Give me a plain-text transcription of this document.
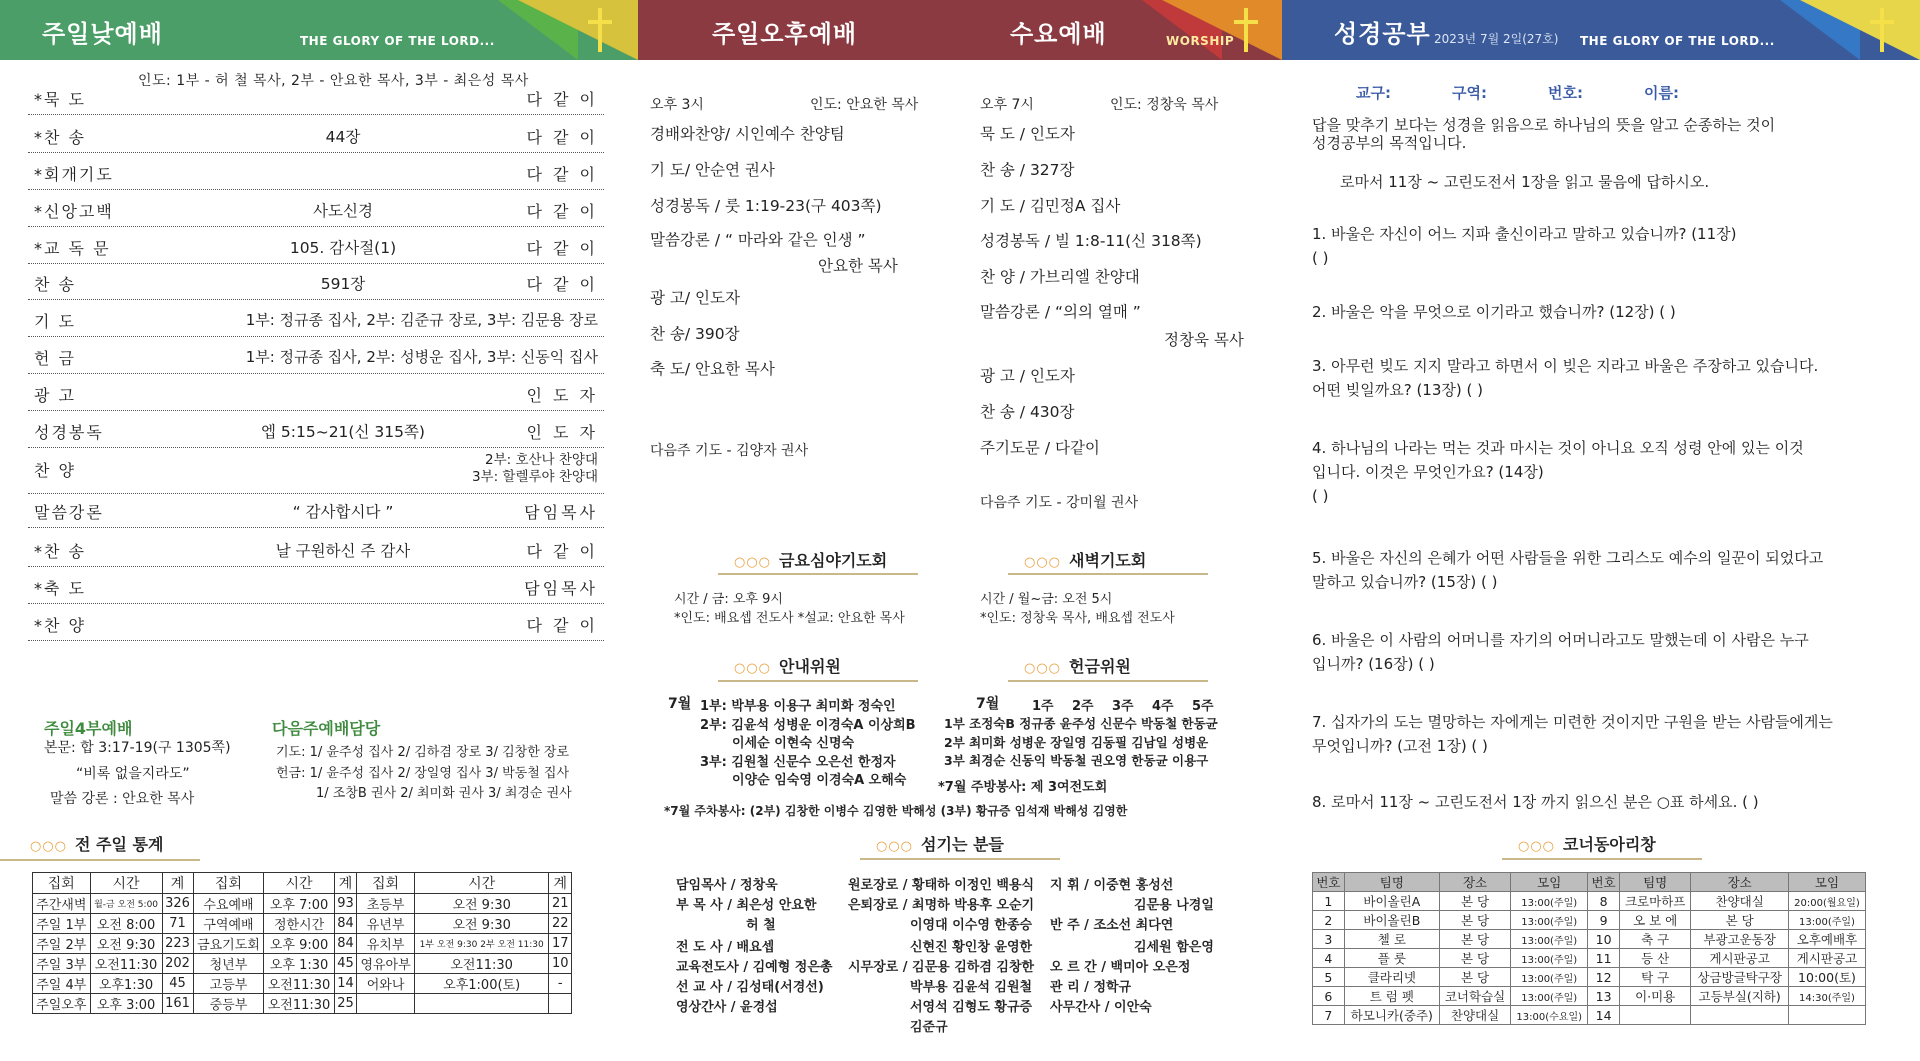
주일낮예배	THE GLORY OF THE LORD...
인도: 1부 - 허 철 목사, 2부 - 안요한 목사, 3부 - 최은성 목사
*묵 도	다 같 이
*찬 송	44장	다 같 이
*회개기도	다 같 이
*신앙고백	사도신경	다 같 이
*교 독 문	105. 감사절(1)	다 같 이
찬 송	591장	다 같 이
기 도	1부: 정규종 집사, 2부: 김준규 장로, 3부: 김문용 장로
헌 금	1부: 정규종 집사, 2부: 성병운 집사, 3부: 신동익 집사
광 고	인 도 자
성경봉독	엡 5:15~21(신 315쪽)	인 도 자
찬 양
2부: 호산나 찬양대
3부: 할렐루야 찬양대
말씀강론	“ 감사합시다 ”	담임목사
*찬 송	날 구원하신 주 감사	다 같 이
*축 도	담임목사
*찬 양	다 같 이
주일4부예배
본문: 합 3:17-19(구 1305쪽)
“비록 없을지라도”
말씀 강론 : 안요한 목사
다음주예배담당
기도: 1/ 윤주성 집사 2/ 김하겸 장로 3/ 김창한 장로
헌금: 1/ 윤주성 집사 2/ 장일영 집사 3/ 박동철 집사
1/ 조창B 권사 2/ 최미화 권사 3/ 최경순 권사
○○○ 전 주일 통계
집회	시간	계	집회	시간	계	집회	시간	계
주간새벽	월-금 오전 5:00	326	수요예배	오후 7:00	93	초등부	오전 9:30	21
주일 1부	오전 8:00	71	구역예배	정한시간	84	유년부	오전 9:30	22
주일 2부	오전 9:30	223	금요기도회	오후 9:00	84	유치부	1부 오전 9:30 2부 오전 11:30	17
주일 3부	오전11:30	202	청년부	오후 1:30	45	영유아부	오전11:30	10
주일 4부	오후1:30	45	고등부	오전11:30	14	어와나	오후1:00(토)	-
주일오후	오후 3:00	161	중등부	오전11:30	25			
주일오후예배	수요예배	WORSHIP
오후 3시	인도: 안요한 목사
경배와찬양/ 시인예수 찬양팀
기 도/ 안순연 권사
성경봉독 / 룻 1:19-23(구 403쪽)
말씀강론 / “ 마라와 같은 인생 ”
안요한 목사
광 고/ 인도자
찬 송/ 390장
축 도/ 안요한 목사
다음주 기도 - 김양자 권사
오후 7시	인도: 정창욱 목사
묵 도 / 인도자
찬 송 / 327장
기 도 / 김민정A 집사
성경봉독 / 빌 1:8-11(신 318쪽)
찬 양 / 가브리엘 찬양대
말씀강론 / “의의 열매 ”
정창욱 목사
광 고 / 인도자
찬 송 / 430장
주기도문 / 다같이
다음주 기도 - 강미월 권사
○○○ 금요심야기도회
시간 / 금: 오후 9시
*인도: 배요셉 전도사 *설교: 안요한 목사
○○○ 새벽기도회
시간 / 월~금: 오전 5시
*인도: 정창욱 목사, 배요셉 전도사
○○○ 안내위원
7월 1부: 박부용 이용구 최미화 정숙인
2부: 김윤석 성병운 이경숙A 이상희B
이세순 이현숙 신명숙
3부: 김원철 신문수 오은선 한정자
이양순 임숙영 이경숙A 오해숙
○○○ 헌금위원
7월	1주 2주 3주 4주 5주
1부 조정숙B 정규종 윤주성 신문수 박동철 한동균
2부 최미화 성병운 장일영 김동필 김남일 성병운
3부 최경순 신동익 박동철 권오영 한동균 이용구
*7월 주방봉사: 제 3여전도회
*7월 주차봉사: (2부) 김창한 이병수 김영한 박해성 (3부) 황규증 임석재 박해성 김영한
○○○ 섬기는 분들
담임목사 / 정창욱
부 목 사 / 최은성 안요한
허 철
전 도 사 / 배요셉
교육전도사 / 김예형 정은총
선 교 사 / 김성태(서경선)
영상간사 / 윤경섭
원로장로 / 황태하 이정인 백용식
은퇴장로 / 최명하 박용후 오순기
이영대 이수영 한종승
신현진 황인창 윤영한
시무장로 / 김문용 김하겸 김창한
박부용 김윤석 김원철
서영석 김형도 황규증
김준규
지 휘 / 이중현 홍성선
김문용 나경일
반 주 / 조소선 최다연
김세원 함은영
오 르 간 / 백미아 오은정
관 리 / 정학규
사무간사 / 이안숙
성경공부 2023년 7월 2일(27호) THE GLORY OF THE LORD...
교구:	구역:	번호:	이름:
답을 맞추기 보다는 성경을 읽음으로 하나님의 뜻을 알고 순종하는 것이
성경공부의 목적입니다.
로마서 11장 ~ 고린도전서 1장을 읽고 물음에 답하시오.
1. 바울은 자신이 어느 지파 출신이라고 말하고 있습니까? (11장)
( )
2. 바울은 악을 무엇으로 이기라고 했습니까? (12장) ( )
3. 아무런 빚도 지지 말라고 하면서 이 빚은 지라고 바울은 주장하고 있습니다.
어떤 빚일까요? (13장) ( )
4. 하나님의 나라는 먹는 것과 마시는 것이 아니요 오직 성령 안에 있는 이것
입니다. 이것은 무엇인가요? (14장)
( )
5. 바울은 자신의 은혜가 어떤 사람들을 위한 그리스도 예수의 일꾼이 되었다고
말하고 있습니까? (15장) ( )
6. 바울은 이 사람의 어머니를 자기의 어머니라고도 말했는데 이 사람은 누구
입니까? (16장) ( )
7. 십자가의 도는 멸망하는 자에게는 미련한 것이지만 구원을 받는 사람들에게는
무엇입니까? (고전 1장) ( )
8. 로마서 11장 ~ 고린도전서 1장 까지 읽으신 분은 ○표 하세요. ( )
○○○ 코너동아리창
번호	팀명	장소	모임	번호	팀명	장소	모임
1	바이올린A	본 당	13:00(주일)	8	크로마하프	찬양대실	20:00(월요일)
2	바이올린B	본 당	13:00(주일)	9	오 보 에	본 당	13:00(주일)
3	첼 로	본 당	13:00(주일)	10	축 구	부광고운동장	오후예배후
4	플 룻	본 당	13:00(주일)	11	등 산	게시판공고	게시판공고
5	클라리넷	본 당	13:00(주일)	12	탁 구	상금방글탁구장	10:00(토)
6	트 럼 펫	코너학습실	13:00(주일)	13	이·미용	고등부실(지하)	14:30(주일)
7	하모니카(중주)	찬양대실	13:00(수요일)	14			
